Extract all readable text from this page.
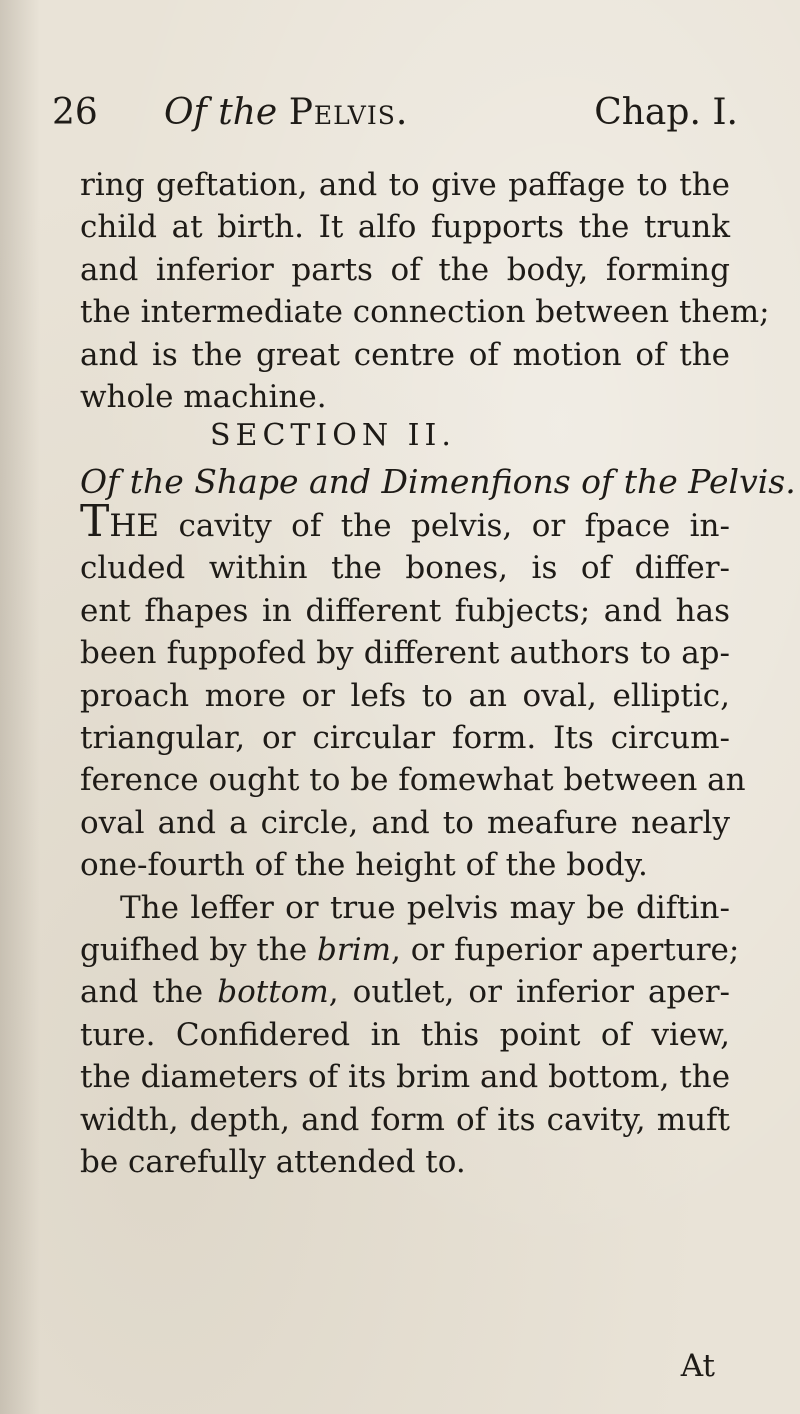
26 Of the Pelvis.	Chap. I.
ring geftation, and to give paffage to the
child at birth. It alfo fupports the trunk
and inferior parts of the body, forming
the intermediate connection between them;
and is the great centre of motion of the
whole machine.
SECTION II.
Of the Shape and Dimenfions of the Pelvis.
THE cavity of the pelvis, or fpace in-
cluded within the bones, is of differ-
ent fhapes in different fubjects; and has
been fuppofed by different authors to ap-
proach more or lefs to an oval, elliptic,
triangular, or circular form. Its circum-
ference ought to be fomewhat between an
oval and a circle, and to meafure nearly
one-fourth of the height of the body.
The leffer or true pelvis may be diftin-
guifhed by the brim, or fuperior aperture;
and the bottom, outlet, or inferior aper-
ture. Confidered in this point of view,
the diameters of its brim and bottom, the
width, depth, and form of its cavity, muft
be carefully attended to.
At
